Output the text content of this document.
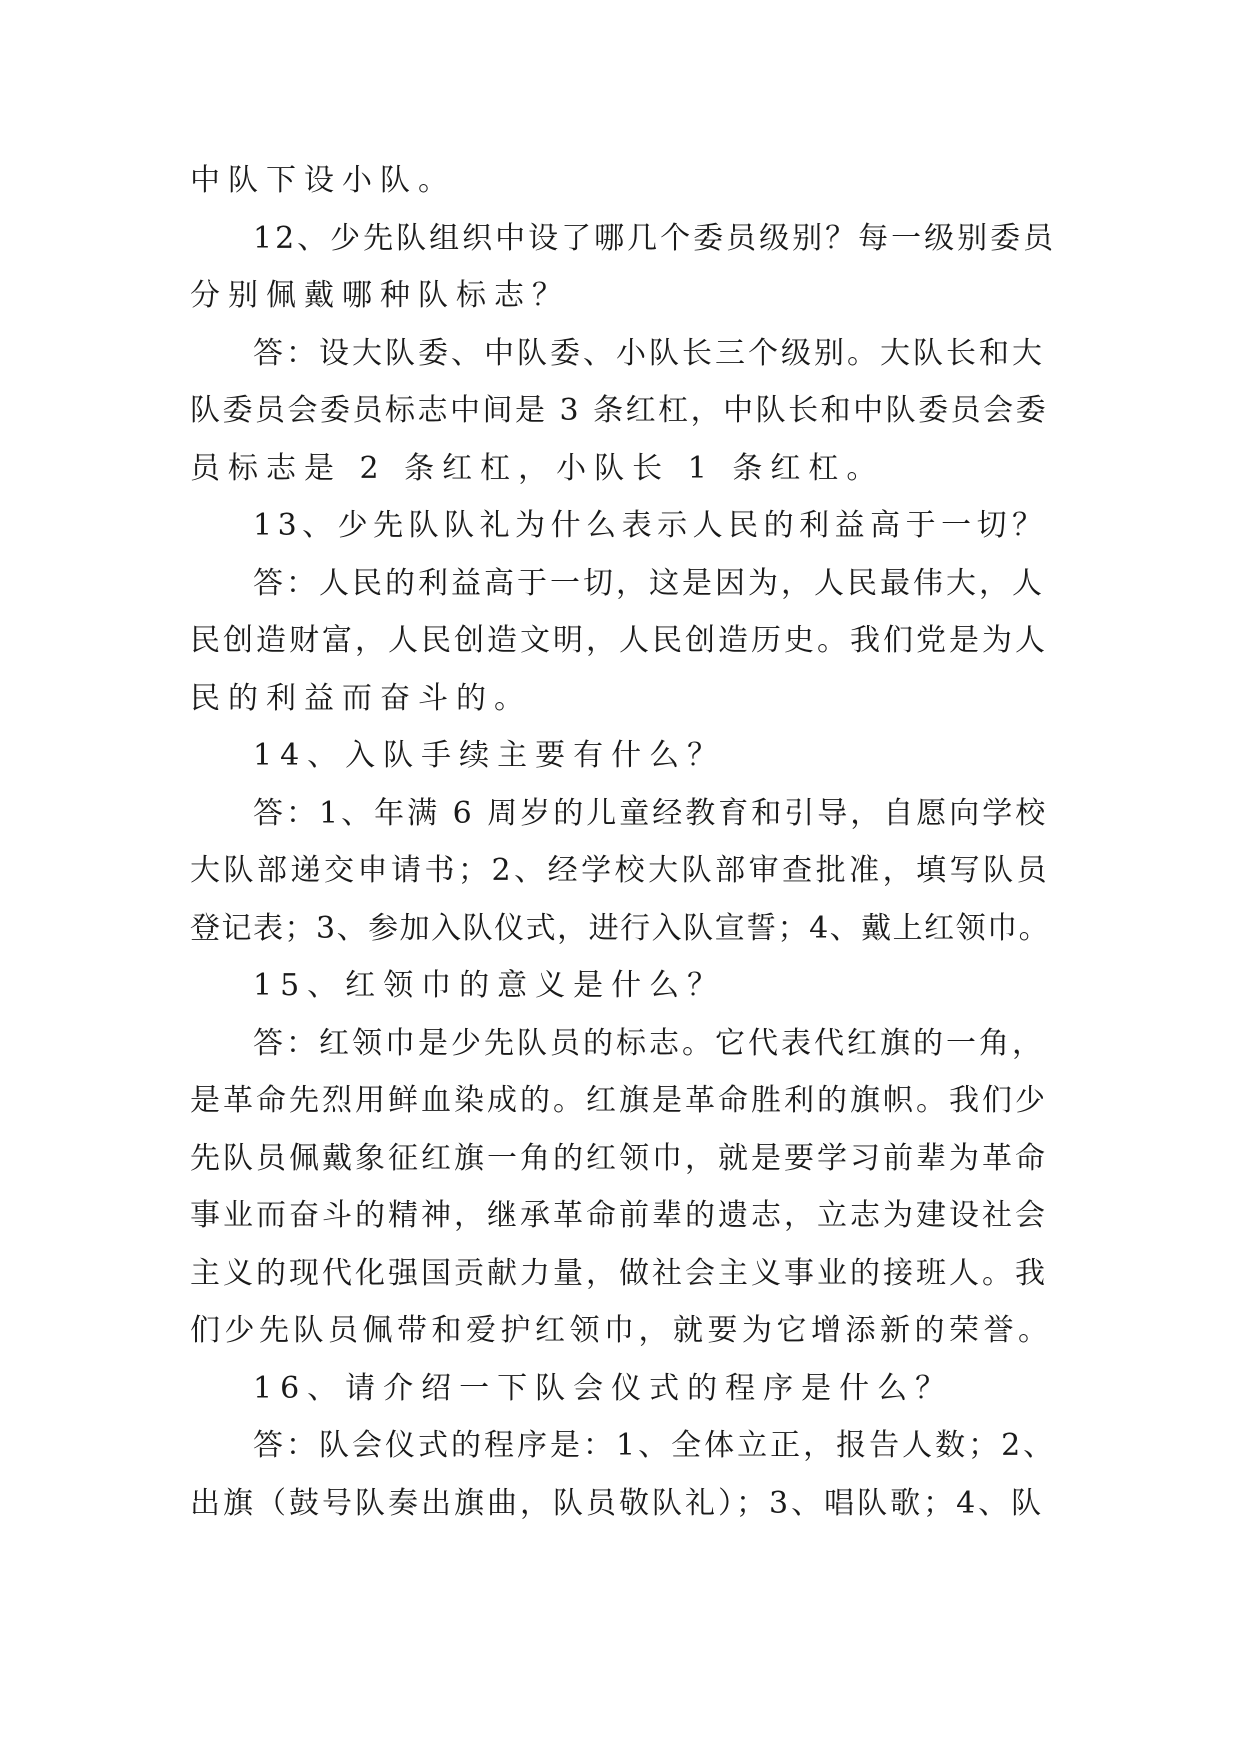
中队下设小队。
12、少先队组织中设了哪几个委员级别？每一级别委员
分别佩戴哪种队标志？
答：设大队委、中队委、小队长三个级别。大队长和大
队委员会委员标志中间是 3 条红杠，中队长和中队委员会委
员标志是 2 条红杠，小队长 1 条红杠。
13、少先队队礼为什么表示人民的利益高于一切？
答：人民的利益高于一切，这是因为，人民最伟大，人
民创造财富，人民创造文明，人民创造历史。我们党是为人
民的利益而奋斗的。
14、入队手续主要有什么？
答：1、年满 6 周岁的儿童经教育和引导，自愿向学校
大队部递交申请书；2、经学校大队部审查批准，填写队员
登记表；3、参加入队仪式，进行入队宣誓；4、戴上红领巾。
15、红领巾的意义是什么？
答：红领巾是少先队员的标志。它代表代红旗的一角，
是革命先烈用鲜血染成的。红旗是革命胜利的旗帜。我们少
先队员佩戴象征红旗一角的红领巾，就是要学习前辈为革命
事业而奋斗的精神，继承革命前辈的遗志，立志为建设社会
主义的现代化强国贡献力量，做社会主义事业的接班人。我
们少先队员佩带和爱护红领巾，就要为它增添新的荣誉。
16、请介绍一下队会仪式的程序是什么？
答：队会仪式的程序是：1、全体立正，报告人数；2、
出旗（鼓号队奏出旗曲，队员敬队礼）；3、唱队歌；4、队
